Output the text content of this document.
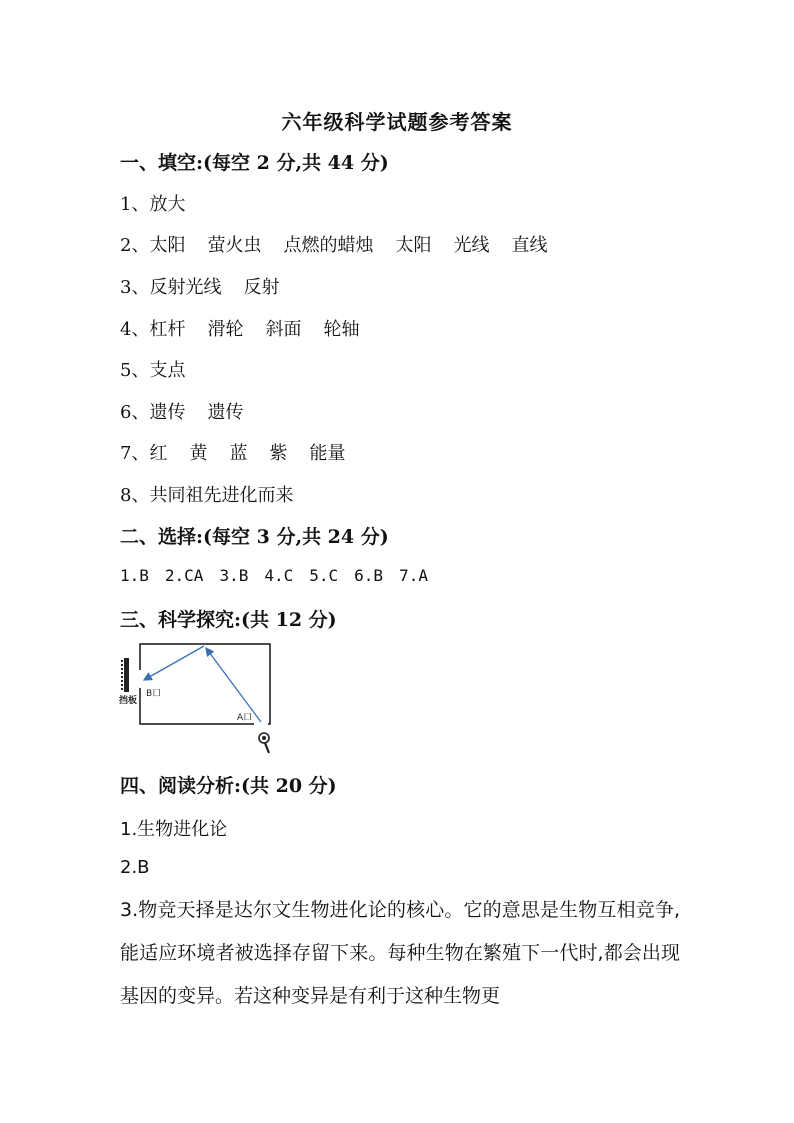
六年级科学试题参考答案
一、填空:(每空 2 分,共 44 分)
1、放大
2、太阳 萤火虫 点燃的蜡烛 太阳 光线 直线
3、反射光线 反射
4、杠杆 滑轮 斜面 轮轴
5、支点
6、遗传 遗传
7、红 黄 蓝 紫 能量
8、共同祖先进化而来
二、选择:(每空 3 分,共 24 分)
1.B 2.CA 3.B 4.C 5.C 6.B 7.A
三、科学探究:(共 12 分)
挡板
B口
A口
四、阅读分析:(共 20 分)
1.生物进化论
2.B
3.物竞天择是达尔文生物进化论的核心。它的意思是生物互相竞争,能适应环境者被选择存留下来。每种生物在繁殖下一代时,都会出现基因的变异。若这种变异是有利于这种生物更
